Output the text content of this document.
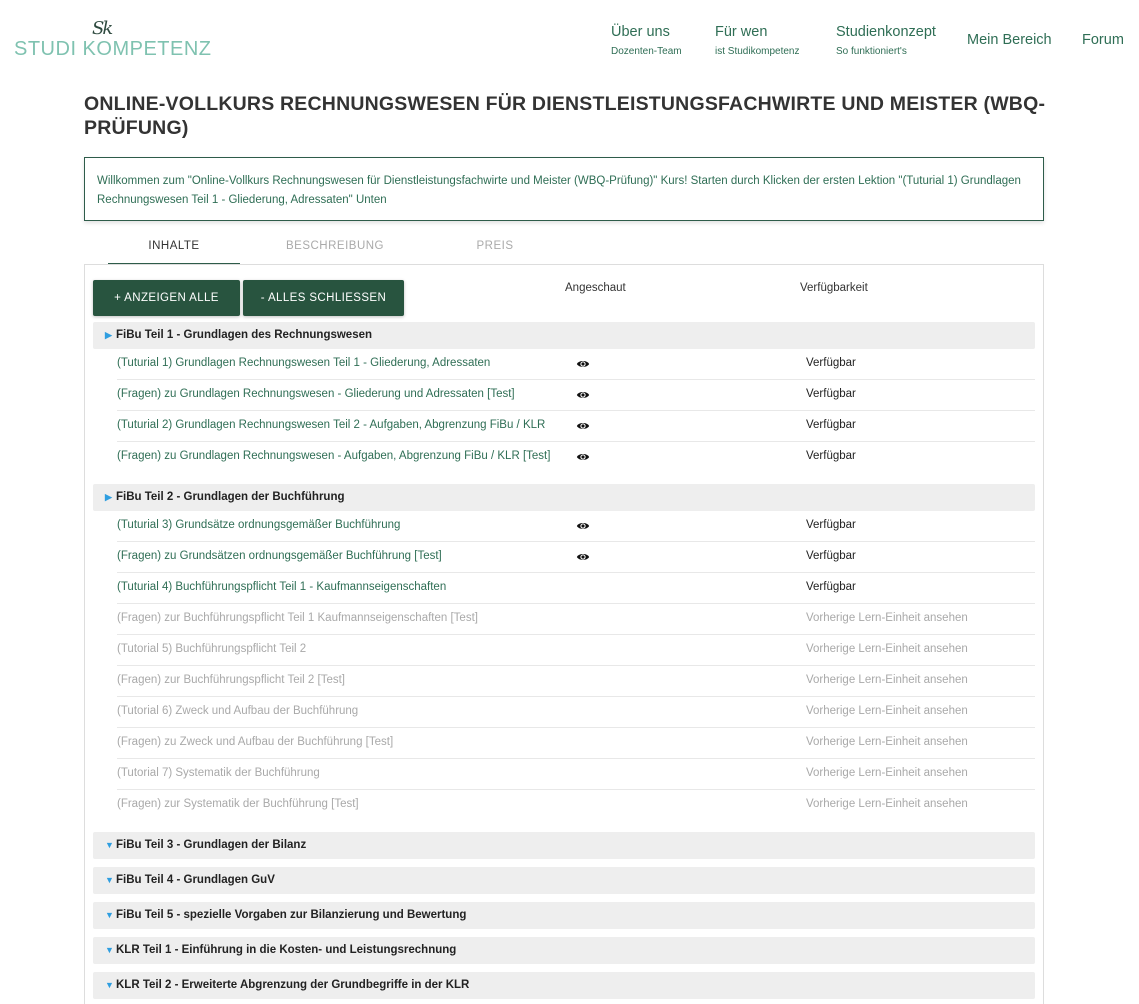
Sk
STUDI KOMPETENZ
Über uns
Dozenten-Team
Für wen
ist Studikompetenz
Studienkonzept
So funktioniert's
Mein Bereich Forum
ONLINE-VOLLKURS RECHNUNGSWESEN FÜR DIENSTLEISTUNGSFACHWIRTE UND MEISTER (WBQ-PRÜFUNG)
Willkommen zum "Online-Vollkurs Rechnungswesen für Dienstleistungsfachwirte und Meister (WBQ-Prüfung)" Kurs! Starten durch Klicken der ersten Lektion "(Tuturial 1) Grundlagen Rechnungswesen Teil 1 - Gliederung, Adressaten" Unten
INHALTE	BESCHREIBUNG	PREIS
+ ANZEIGEN ALLE	- ALLES SCHLIESSEN
Angeschaut	Verfügbarkeit
▶ FiBu Teil 1 - Grundlagen des Rechnungswesen
(Tuturial 1) Grundlagen Rechnungswesen Teil 1 - Gliederung, Adressaten	Verfügbar
(Fragen) zu Grundlagen Rechnungswesen - Gliederung und Adressaten [Test]	Verfügbar
(Tuturial 2) Grundlagen Rechnungswesen Teil 2 - Aufgaben, Abgrenzung FiBu / KLR	Verfügbar
(Fragen) zu Grundlagen Rechnungswesen - Aufgaben, Abgrenzung FiBu / KLR [Test]	Verfügbar
▶ FiBu Teil 2 - Grundlagen der Buchführung
(Tuturial 3) Grundsätze ordnungsgemäßer Buchführung	Verfügbar
(Fragen) zu Grundsätzen ordnungsgemäßer Buchführung [Test]	Verfügbar
(Tuturial 4) Buchführungspflicht Teil 1 - Kaufmannseigenschaften	Verfügbar
(Fragen) zur Buchführungspflicht Teil 1 Kaufmannseigenschaften [Test]	Vorherige Lern-Einheit ansehen
(Tutorial 5) Buchführungspflicht Teil 2	Vorherige Lern-Einheit ansehen
(Fragen) zur Buchführungspflicht Teil 2 [Test]	Vorherige Lern-Einheit ansehen
(Tutorial 6) Zweck und Aufbau der Buchführung	Vorherige Lern-Einheit ansehen
(Fragen) zu Zweck und Aufbau der Buchführung [Test]	Vorherige Lern-Einheit ansehen
(Tutorial 7) Systematik der Buchführung	Vorherige Lern-Einheit ansehen
(Fragen) zur Systematik der Buchführung [Test]	Vorherige Lern-Einheit ansehen
▼ FiBu Teil 3 - Grundlagen der Bilanz
▼ FiBu Teil 4 - Grundlagen GuV
▼ FiBu Teil 5 - spezielle Vorgaben zur Bilanzierung und Bewertung
▼ KLR Teil 1 - Einführung in die Kosten- und Leistungsrechnung
▼ KLR Teil 2 - Erweiterte Abgrenzung der Grundbegriffe in der KLR
